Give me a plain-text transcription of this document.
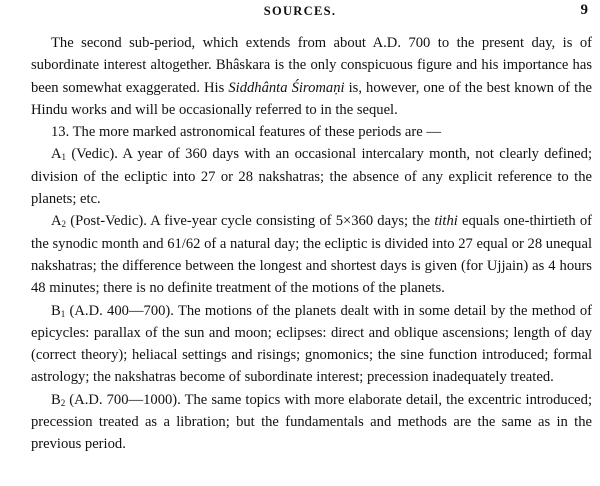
SOURCES.	9

The second sub-period, which extends from about A.D. 700 to the present day, is of subordinate interest altogether. Bhâskara is the only conspicuous figure and his importance has been somewhat exaggerated. His Siddhânta Śiromaṇi is, however, one of the best known of the Hindu works and will be occasionally referred to in the sequel.

13. The more marked astronomical features of these periods are —

$A_1$ (Vedic). A year of 360 days with an occasional intercalary month, not clearly defined; division of the ecliptic into 27 or 28 nakshatras; the absence of any explicit reference to the planets; etc.

$A_2$ (Post-Vedic). A five-year cycle consisting of 5×360 days; the tithi equals one-thirtieth of the synodic month and 61/62 of a natural day; the ecliptic is divided into 27 equal or 28 unequal nakshatras; the difference between the longest and shortest days is given (for Ujjain) as 4 hours 48 minutes; there is no definite treatment of the motions of the planets.

$B_1$ (A.D. 400—700). The motions of the planets dealt with in some detail by the method of epicycles: parallax of the sun and moon; eclipses: direct and oblique ascensions; length of day (correct theory); heliacal settings and risings; gnomonics; the sine function introduced; formal astrology; the nakshatras become of subordinate interest; precession inadequately treated.

$B_2$ (A.D. 700—1000). The same topics with more elaborate detail, the excentric introduced; precession treated as a libration; but the fundamentals and methods are the same as in the previous period.
